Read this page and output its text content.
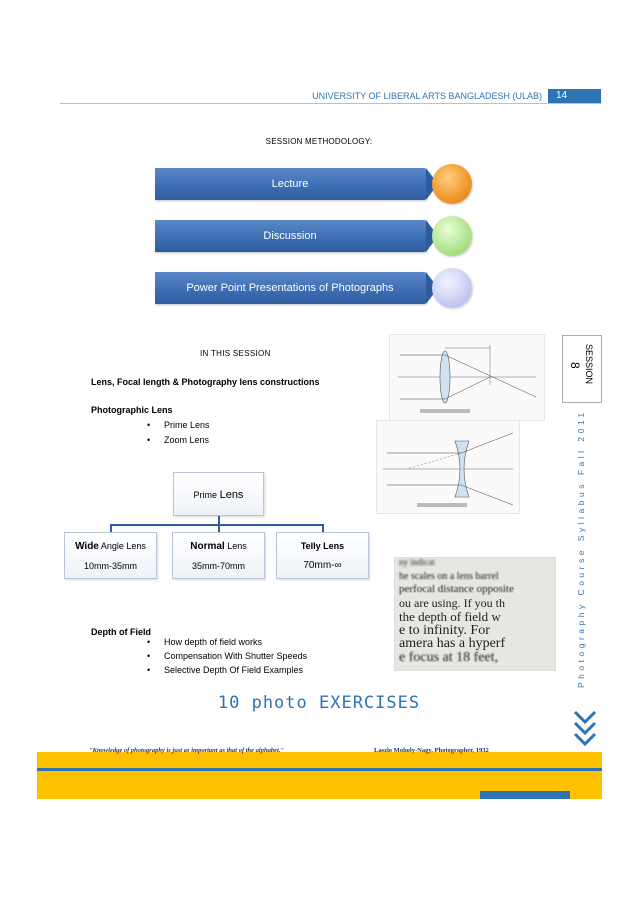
UNIVERSITY OF LIBERAL ARTS BANGLADESH (ULAB)	14
SESSION METHODOLOGY:
Lecture
Discussion
Power Point Presentations of Photographs
SESSION
8
Photography Course Syllabus Fall 2011
IN THIS SESSION
Lens, Focal length & Photography lens constructions
Photographic Lens
• Prime Lens
• Zoom Lens
Prime Lens
Wide Angle Lens
10mm-35mm
Normal Lens
35mm-70mm
Telly Lens
70mm-∞	ny indicat
he scales on a lens barrel
perfocal distance opposite
ou are using. If you th
the depth of field w
e to infinity. For
amera has a hyperf
e focus at 18 feet,
Depth of Field
• How depth of field works
• Compensation With Shutter Speeds
• Selective Depth Of Field Examples
10 photo EXERCISES
"Knowledge of photography is just as important as that of the alphabet."	Laszlo Moholy-Nagy, Photographer, 1932
